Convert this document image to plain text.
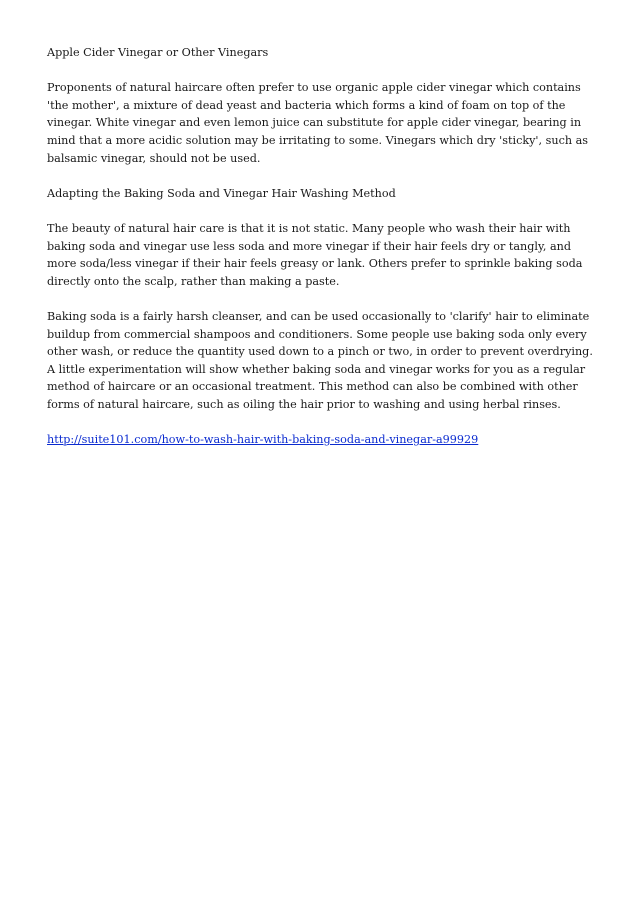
Apple Cider Vinegar or Other Vinegars

Proponents of natural haircare often prefer to use organic apple cider vinegar which contains 'the mother', a mixture of dead yeast and bacteria which forms a kind of foam on top of the vinegar. White vinegar and even lemon juice can substitute for apple cider vinegar, bearing in mind that a more acidic solution may be irritating to some. Vinegars which dry 'sticky', such as balsamic vinegar, should not be used.

Adapting the Baking Soda and Vinegar Hair Washing Method

The beauty of natural hair care is that it is not static. Many people who wash their hair with baking soda and vinegar use less soda and more vinegar if their hair feels dry or tangly, and more soda/less vinegar if their hair feels greasy or lank. Others prefer to sprinkle baking soda directly onto the scalp, rather than making a paste.

Baking soda is a fairly harsh cleanser, and can be used occasionally to 'clarify' hair to eliminate buildup from commercial shampoos and conditioners. Some people use baking soda only every other wash, or reduce the quantity used down to a pinch or two, in order to prevent overdrying. A little experimentation will show whether baking soda and vinegar works for you as a regular method of haircare or an occasional treatment. This method can also be combined with other forms of natural haircare, such as oiling the hair prior to washing and using herbal rinses.

http://suite101.com/how-to-wash-hair-with-baking-soda-and-vinegar-a99929
